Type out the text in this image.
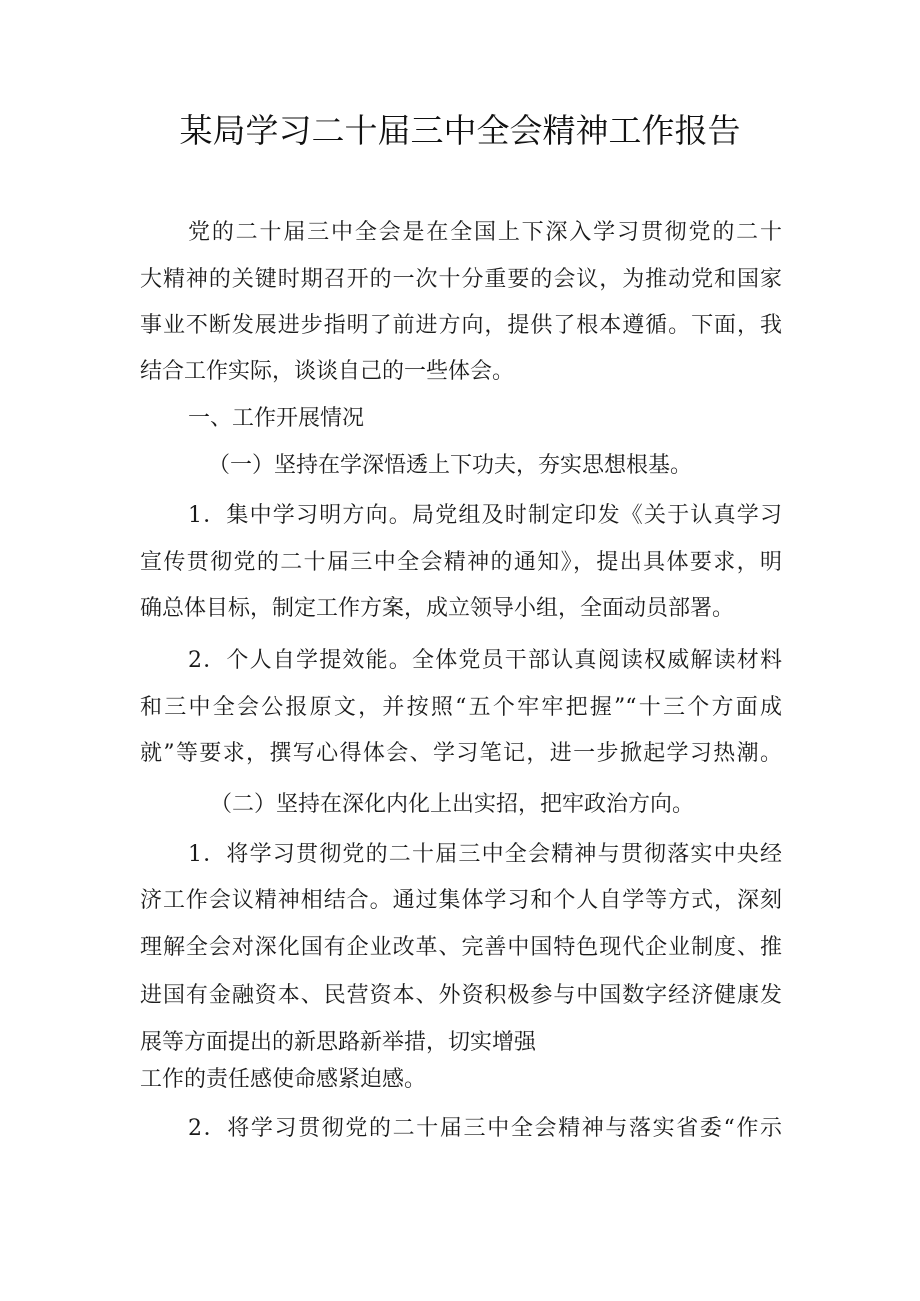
某局学习二十届三中全会精神工作报告
党的二十届三中全会是在全国上下深入学习贯彻党的二十
大精神的关键时期召开的一次十分重要的会议，为推动党和国家
事业不断发展进步指明了前进方向，提供了根本遵循。下面，我
结合工作实际，谈谈自己的一些体会。
一、工作开展情况
（一）坚持在学深悟透上下功夫，夯实思想根基。
1．集中学习明方向。局党组及时制定印发《关于认真学习
宣传贯彻党的二十届三中全会精神的通知》，提出具体要求，明
确总体目标，制定工作方案，成立领导小组，全面动员部署。
2．个人自学提效能。全体党员干部认真阅读权威解读材料
和三中全会公报原文，并按照“五个牢牢把握”“十三个方面成
就”等要求，撰写心得体会、学习笔记，进一步掀起学习热潮。
（二）坚持在深化内化上出实招，把牢政治方向。
1．将学习贯彻党的二十届三中全会精神与贯彻落实中央经
济工作会议精神相结合。通过集体学习和个人自学等方式，深刻
理解全会对深化国有企业改革、完善中国特色现代企业制度、推
进国有金融资本、民营资本、外资积极参与中国数字经济健康发
展等方面提出的新思路新举措，切实增强
工作的责任感使命感紧迫感。
2．将学习贯彻党的二十届三中全会精神与落实省委“作示
